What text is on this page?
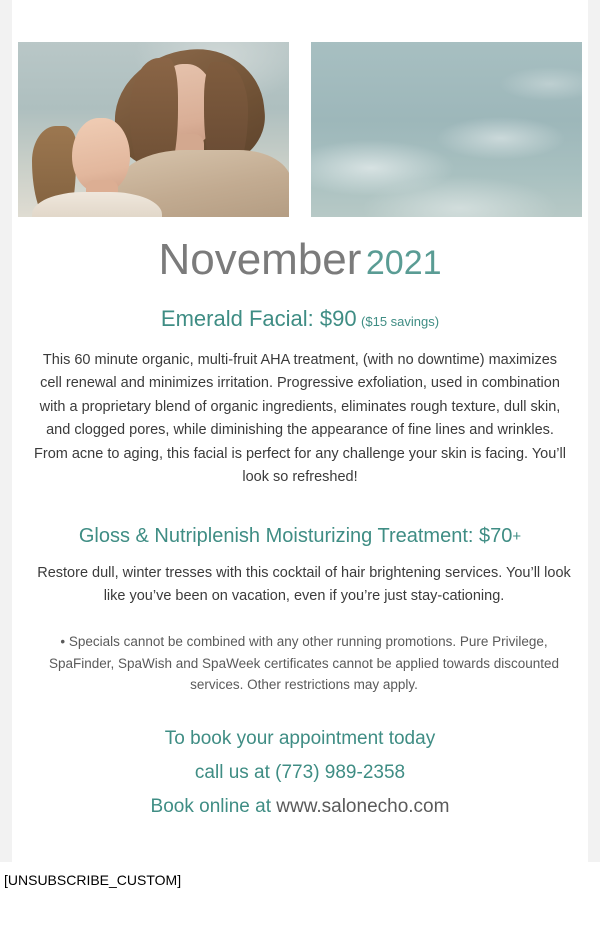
November 2021
Emerald Facial: $90 ($15 savings)

This 60 minute organic, multi-fruit AHA treatment, (with no downtime) maximizes cell renewal and minimizes irritation. Progressive exfoliation, used in combination with a proprietary blend of organic ingredients, eliminates rough texture, dull skin, and clogged pores, while diminishing the appearance of fine lines and wrinkles. From acne to aging, this facial is perfect for any challenge your skin is facing. You’ll look so refreshed!

Gloss & Nutriplenish Moisturizing Treatment: $70+

Restore dull, winter tresses with this cocktail of hair brightening services. You’ll look like you’ve been on vacation, even if you’re just stay-cationing.

• Specials cannot be combined with any other running promotions. Pure Privilege, SpaFinder, SpaWish and SpaWeek certificates cannot be applied towards discounted services. Other restrictions may apply.

To book your appointment today
call us at (773) 989-2358
Book online at www.salonecho.com
[UNSUBSCRIBE_CUSTOM]
